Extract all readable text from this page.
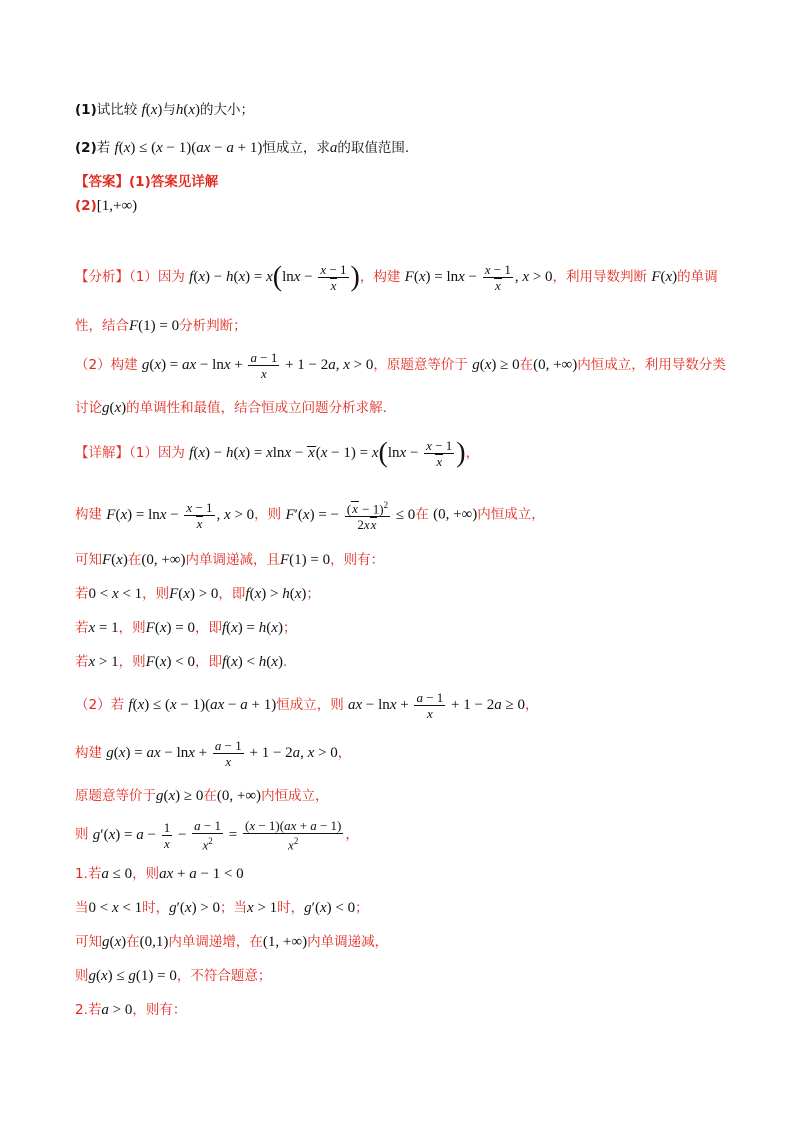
(1)试比较 f(x)与h(x)的大小；
(2)若 f(x) ≤ (x − 1)(ax − a + 1)恒成立，求a的取值范围.
【答案】(1)答案见详解
(2)[1,+∞)
【分析】（1）因为 $f(x) - h(x) = x(\ln x - \frac{x - 1}{x}$ )，构建 $F(x) = \ln x - \frac{x - 1}{x}$ , x > 0，利用导数判断 F(x)的单调
性，结合F(1) = 0分析判断；
（2）构建 g(x) = ax − $\ln x + \frac{a - 1}{x} + 1 - 2a$, x > 0，原题意等价于 g(x) ≥ 0在(0, +∞)内恒成立，利用导数分类
讨论g(x)的单调性和最值，结合恒成立问题分析求解.
【详解】（1）因为 $f(x) - h(x) = xlnx - x(x - 1) = x(\ln x - \frac{x - 1}{x}$ )，
构建 $F(x) = \ln x - \frac{x - 1}{x}$ , x > 0，则 F′(x) = − $\frac{(x - 1)^2}{2xx} \le 0$在 (0, +∞)内恒成立，
可知F(x)在(0, +∞)内单调递减，且F(1) = 0，则有：
若0 < x < 1，则F(x) > 0，即f(x) > h(x)；
若x = 1，则F(x) = 0，即f(x) = h(x)；
若x > 1，则F(x) < 0，即f(x) < h(x).
（2）若 f(x) ≤ (x − 1)(ax − a + 1)恒成立，则 ax − $\ln x + \frac{a - 1}{x} + 1 - 2a \ge 0$，
构建 g(x) = ax − $\ln x + \frac{a - 1}{x} + 1 - 2a$, x > 0，
原题意等价于g(x) ≥ 0在(0, +∞)内恒成立，
则 $g'(x) = a - \frac{1}{x} - \frac{a - 1}{x^2} = \frac{(x - 1)(ax + a - 1)}{x^2}$ ，
1.若a ≤ 0，则ax + a − 1 < 0
当0 < x < 1时，g′(x) > 0；当x > 1时，g′(x) < 0；
可知g(x)在(0,1)内单调递增，在(1, +∞)内单调递减，
则g(x) ≤ g(1) = 0，不符合题意；
2.若a > 0，则有：
